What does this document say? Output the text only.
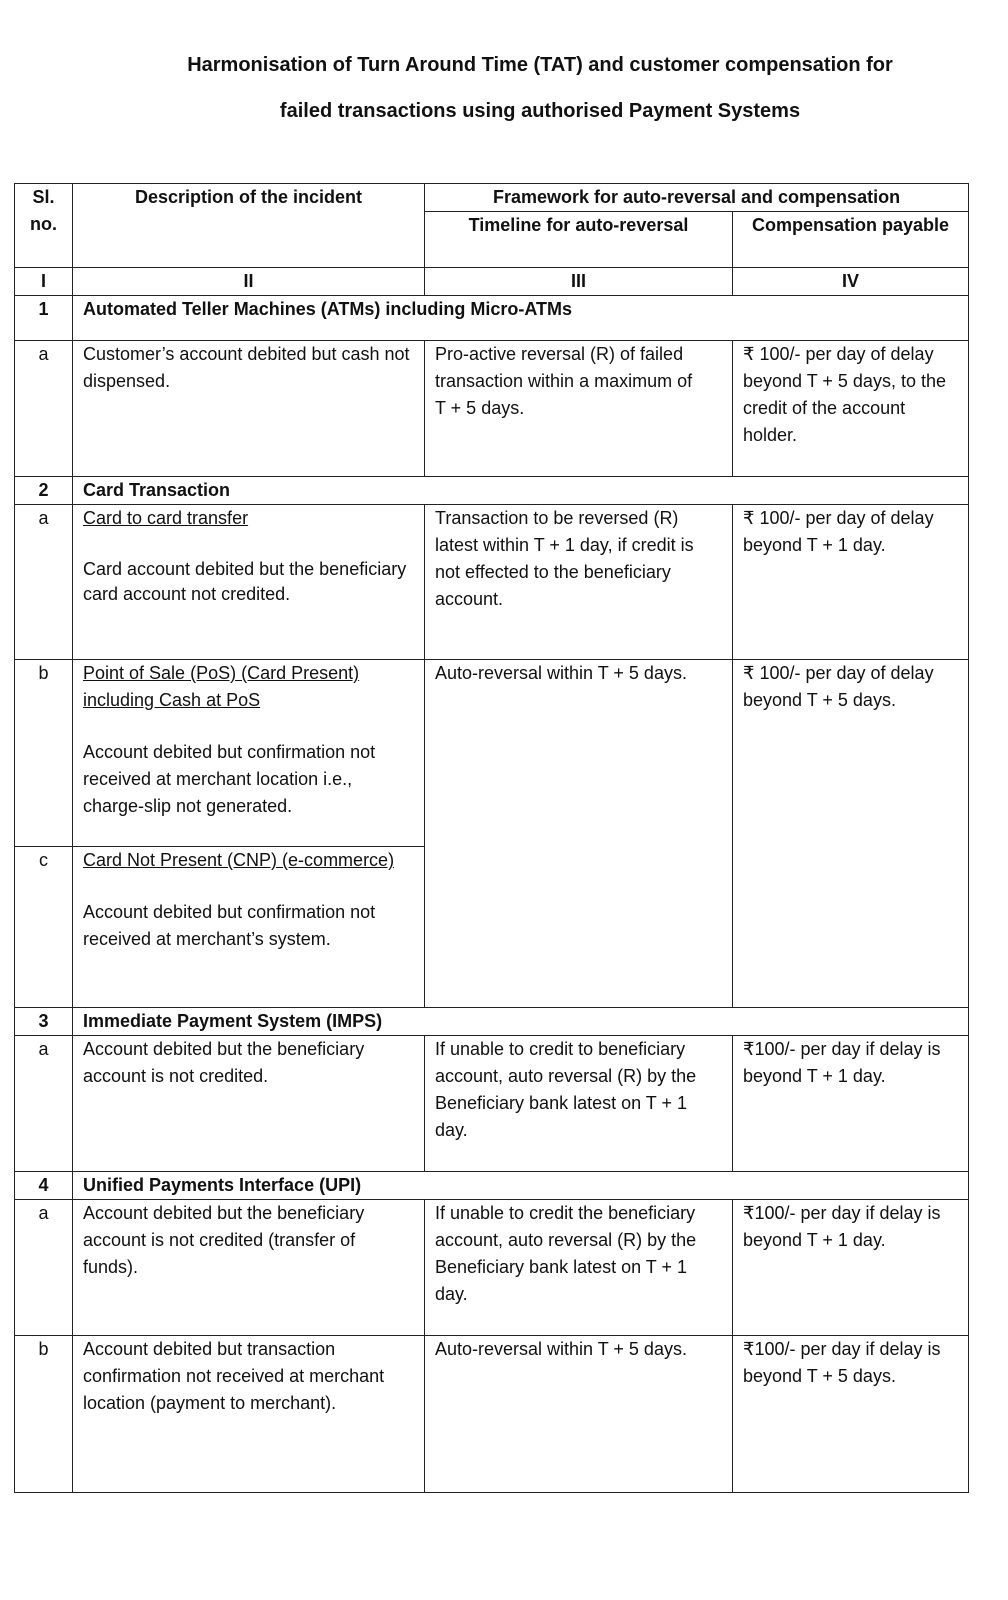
Harmonisation of Turn Around Time (TAT) and customer compensation for
failed transactions using authorised Payment Systems
Sl. no.	Description of the incident	Framework for auto-reversal and compensation	
		Timeline for auto-reversal	Compensation payable
I	II	III	IV
1	Automated Teller Machines (ATMs) including Micro-ATMs		
a	Customer’s account debited but cash not dispensed.	Pro-active reversal (R) of failed transaction within a maximum of     T + 5 days.	₹ 100/- per day of delay beyond T + 5 days, to the credit of the account holder.
2	Card Transaction		
a	Card to card transfer
Card account debited but the beneficiary card account not credited.	Transaction to be reversed (R) latest within T + 1 day, if credit is not effected to the beneficiary account.	₹ 100/- per day of delay beyond T + 1 day.
b	Point of Sale (PoS) (Card Present) including Cash at PoS
Account debited but confirmation not received at merchant location i.e., charge-slip not generated.	Auto-reversal within T + 5 days.	₹ 100/- per day of delay beyond T + 5 days.
c	Card Not Present (CNP) (e-commerce)
Account debited but confirmation not received at merchant’s system.		

3	Immediate Payment System (IMPS)		
a	Account debited but the beneficiary account is not credited.	If unable to credit to beneficiary account, auto reversal (R) by the Beneficiary bank latest on T + 1 day.	₹100/- per day if delay is beyond T + 1 day.
4	Unified Payments Interface (UPI)		
a	Account debited but the beneficiary account is not credited (transfer of funds).	If unable to credit the beneficiary account, auto reversal (R) by the Beneficiary bank latest on T + 1 day.	₹100/- per day if delay is beyond T + 1 day.
b	Account debited but transaction confirmation not received at merchant location (payment to merchant).	Auto-reversal within T + 5 days.	₹100/- per day if delay is beyond T + 5 days.
